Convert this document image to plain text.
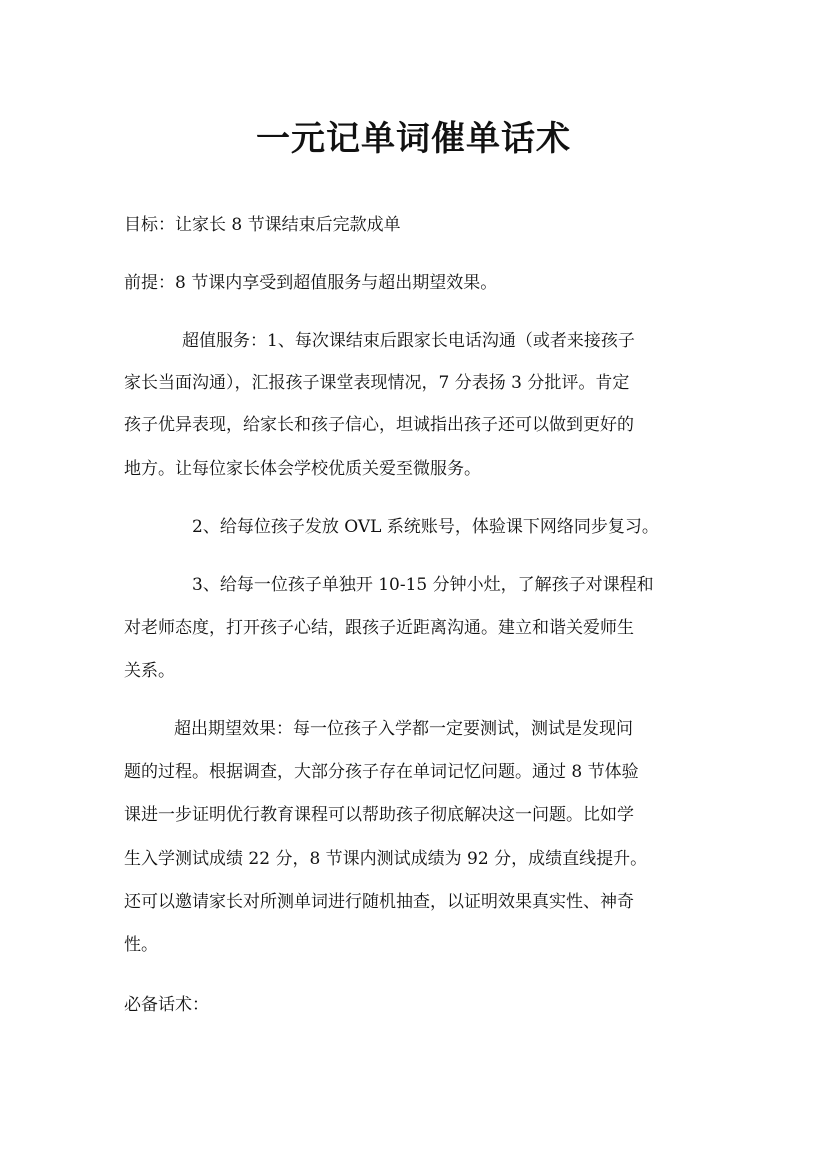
一元记单词催单话术

目标：让家长 8 节课结束后完款成单

前提：8 节课内享受到超值服务与超出期望效果。

超值服务：1、每次课结束后跟家长电话沟通（或者来接孩子

家长当面沟通），汇报孩子课堂表现情况，7 分表扬 3 分批评。肯定

孩子优异表现，给家长和孩子信心，坦诚指出孩子还可以做到更好的

地方。让每位家长体会学校优质关爱至微服务。

2、给每位孩子发放 OVL 系统账号，体验课下网络同步复习。

3、给每一位孩子单独开 10-15 分钟小灶，了解孩子对课程和

对老师态度，打开孩子心结，跟孩子近距离沟通。建立和谐关爱师生

关系。

超出期望效果：每一位孩子入学都一定要测试，测试是发现问

题的过程。根据调查，大部分孩子存在单词记忆问题。通过 8 节体验

课进一步证明优行教育课程可以帮助孩子彻底解决这一问题。比如学

生入学测试成绩 22 分，8 节课内测试成绩为 92 分，成绩直线提升。

还可以邀请家长对所测单词进行随机抽查，以证明效果真实性、神奇

性。

必备话术：
